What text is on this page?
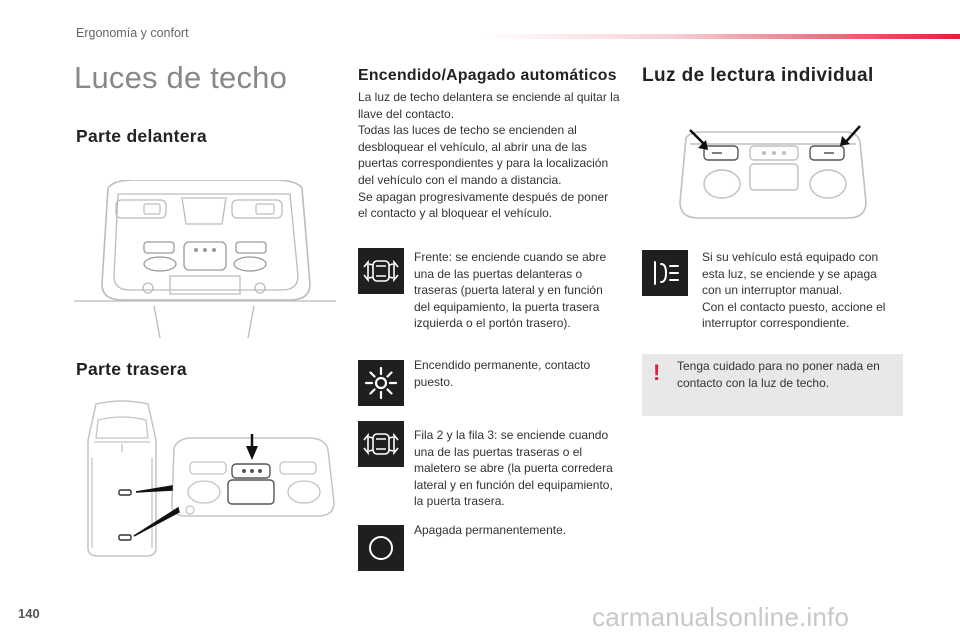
Ergonomía y confort
Luces de techo
Parte delantera
Parte trasera
Encendido/Apagado automáticos
La luz de techo delantera se enciende al quitar la llave del contacto.
Todas las luces de techo se encienden al desbloquear el vehículo, al abrir una de las puertas correspondientes y para la localización del vehículo con el mando a distancia.
Se apagan progresivamente después de poner el contacto y al bloquear el vehículo.
Frente: se enciende cuando se abre una de las puertas delanteras o traseras (puerta lateral y en función del equipamiento, la puerta trasera izquierda o el portón trasero).
Encendido permanente, contacto puesto.
Fila 2 y la fila 3: se enciende cuando una de las puertas traseras o el maletero se abre (la puerta corredera lateral y en función del equipamiento, la puerta trasera.
Apagada permanentemente.
Luz de lectura individual
Si su vehículo está equipado con esta luz, se enciende y se apaga con un interruptor manual.
Con el contacto puesto, accione el interruptor correspondiente.
! Tenga cuidado para no poner nada en contacto con la luz de techo.
140	carmanualsonline.info
